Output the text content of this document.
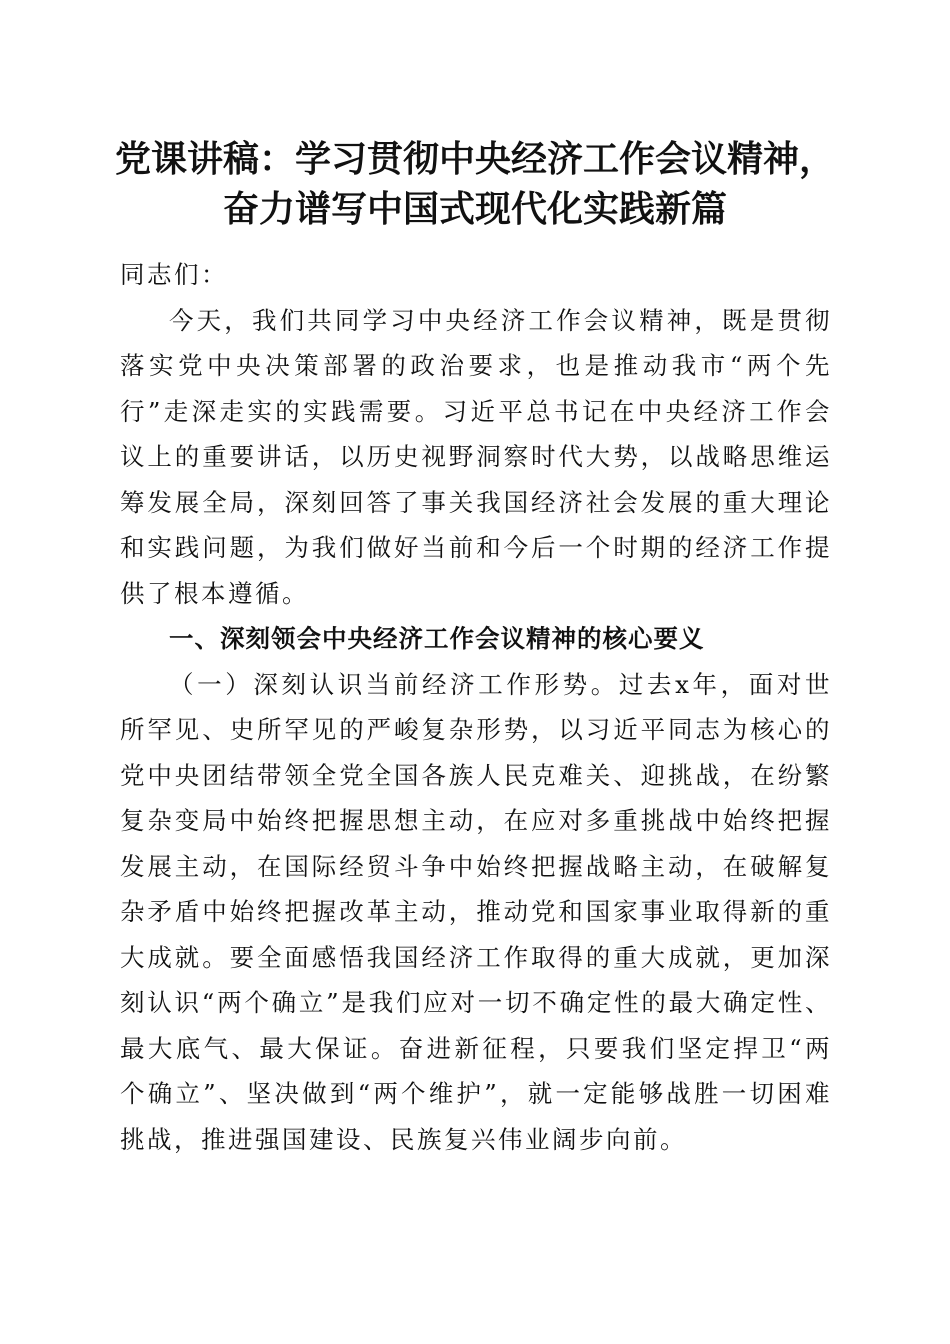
党课讲稿：学习贯彻中央经济工作会议精神，
奋力谱写中国式现代化实践新篇

同志们：

今天，我们共同学习中央经济工作会议精神，既是贯彻落实党中央决策部署的政治要求，也是推动我市“两个先行”走深走实的实践需要。习近平总书记在中央经济工作会议上的重要讲话，以历史视野洞察时代大势，以战略思维运筹发展全局，深刻回答了事关我国经济社会发展的重大理论和实践问题，为我们做好当前和今后一个时期的经济工作提供了根本遵循。

一、深刻领会中央经济工作会议精神的核心要义

（一）深刻认识当前经济工作形势。过去x年，面对世所罕见、史所罕见的严峻复杂形势，以习近平同志为核心的党中央团结带领全党全国各族人民克难关、迎挑战，在纷繁复杂变局中始终把握思想主动，在应对多重挑战中始终把握发展主动，在国际经贸斗争中始终把握战略主动，在破解复杂矛盾中始终把握改革主动，推动党和国家事业取得新的重大成就。要全面感悟我国经济工作取得的重大成就，更加深刻认识“两个确立”是我们应对一切不确定性的最大确定性、最大底气、最大保证。奋进新征程，只要我们坚定捍卫“两个确立”、坚决做到“两个维护”，就一定能够战胜一切困难挑战，推进强国建设、民族复兴伟业阔步向前。
